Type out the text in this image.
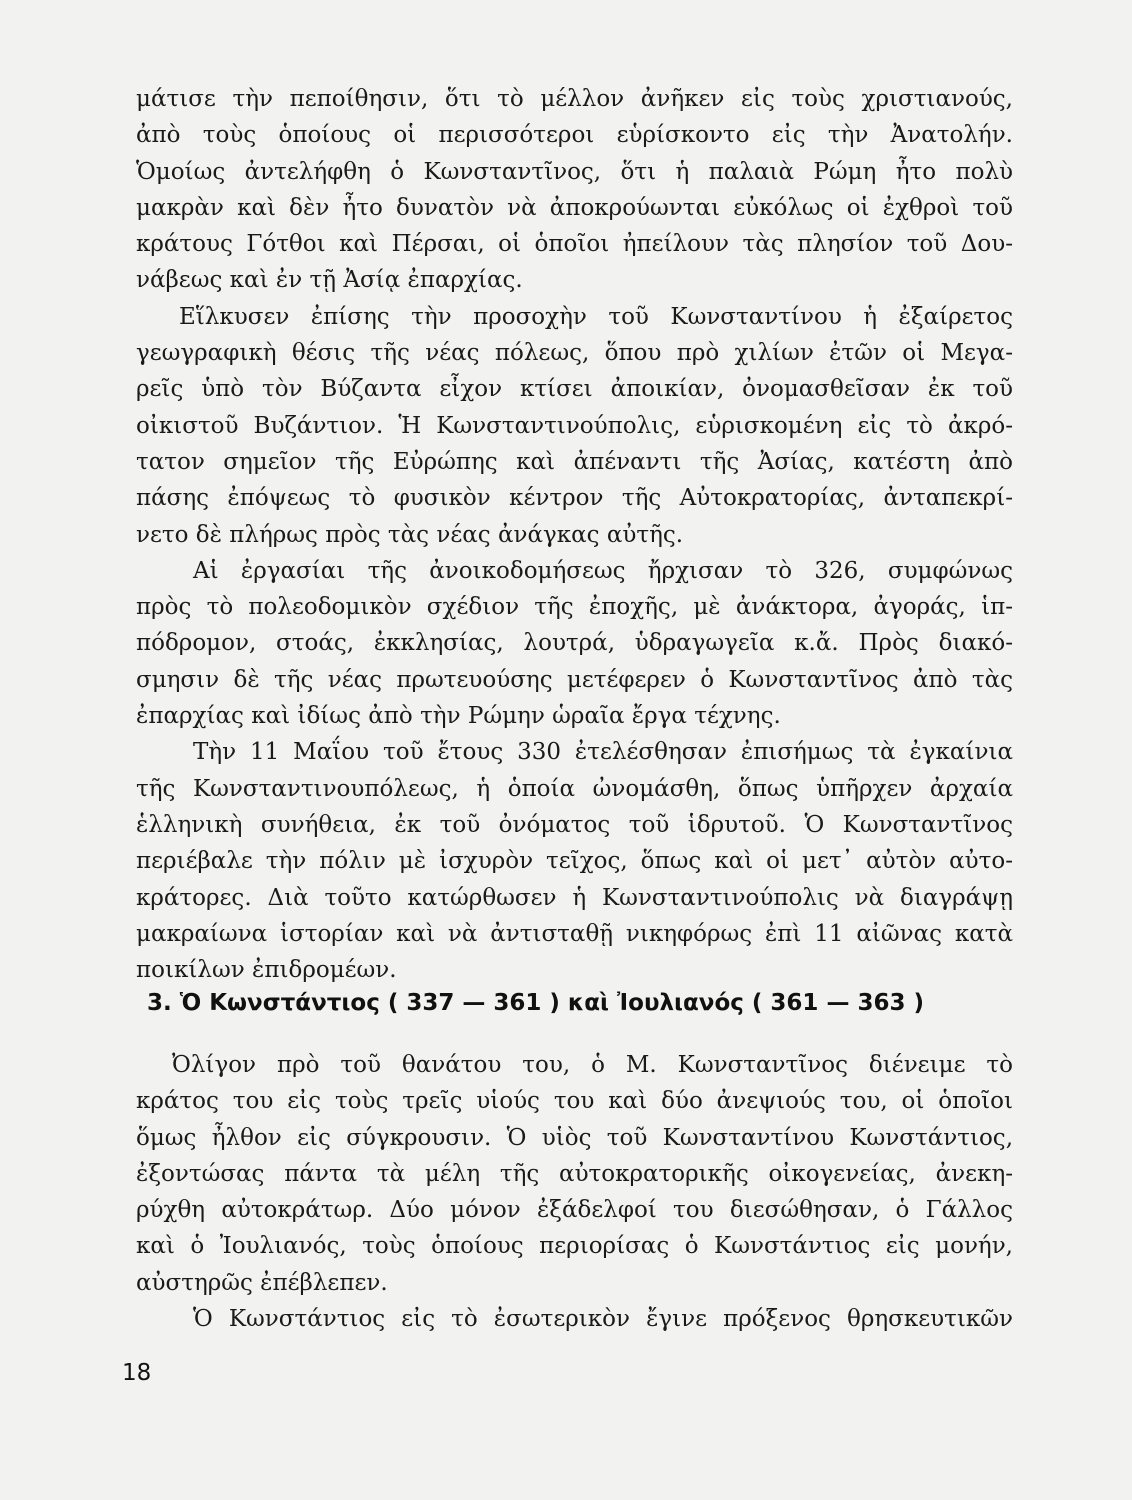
μάτισε τὴν πεποίθησιν, ὅτι τὸ μέλλον ἀνῆκεν εἰς τοὺς χριστιανούς,
ἀπὸ τοὺς ὁποίους οἱ περισσότεροι εὑρίσκοντο εἰς τὴν Ἀνατολήν.
Ὁμοίως ἀντελήφθη ὁ Κωνσταντῖνος, ὅτι ἡ παλαιὰ Ρώμη ἦτο πολὺ
μακρὰν καὶ δὲν ἦτο δυνατὸν νὰ ἀποκρούωνται εὐκόλως οἱ ἐχθροὶ τοῦ
κράτους Γότθοι καὶ Πέρσαι, οἱ ὁποῖοι ἠπείλουν τὰς πλησίον τοῦ Δου-
νάβεως καὶ ἐν τῇ Ἀσίᾳ ἐπαρχίας.
Εἵλκυσεν ἐπίσης τὴν προσοχὴν τοῦ Κωνσταντίνου ἡ ἐξαίρετος
γεωγραφικὴ θέσις τῆς νέας πόλεως, ὅπου πρὸ χιλίων ἐτῶν οἱ Μεγα-
ρεῖς ὑπὸ τὸν Βύζαντα εἶχον κτίσει ἀποικίαν, ὀνομασθεῖσαν ἐκ τοῦ
οἰκιστοῦ Βυζάντιον. Ἡ Κωνσταντινούπολις, εὑρισκομένη εἰς τὸ ἀκρό-
τατον σημεῖον τῆς Εὐρώπης καὶ ἀπέναντι τῆς Ἀσίας, κατέστη ἀπὸ
πάσης ἐπόψεως τὸ φυσικὸν κέντρον τῆς Αὐτοκρατορίας, ἀνταπεκρί-
νετο δὲ πλήρως πρὸς τὰς νέας ἀνάγκας αὐτῆς.
Αἱ ἐργασίαι τῆς ἀνοικοδομήσεως ἤρχισαν τὸ 326, συμφώνως
πρὸς τὸ πολεοδομικὸν σχέδιον τῆς ἐποχῆς, μὲ ἀνάκτορα, ἀγοράς, ἱπ-
πόδρομον, στοάς, ἐκκλησίας, λουτρά, ὑδραγωγεῖα κ.ἄ. Πρὸς διακό-
σμησιν δὲ τῆς νέας πρωτευούσης μετέφερεν ὁ Κωνσταντῖνος ἀπὸ τὰς
ἐπαρχίας καὶ ἰδίως ἀπὸ τὴν Ρώμην ὡραῖα ἔργα τέχνης.
Τὴν 11 Μαΐου τοῦ ἔτους 330 ἐτελέσθησαν ἐπισήμως τὰ ἐγκαίνια
τῆς Κωνσταντινουπόλεως, ἡ ὁποία ὠνομάσθη, ὅπως ὑπῆρχεν ἀρχαία
ἑλληνικὴ συνήθεια, ἐκ τοῦ ὀνόματος τοῦ ἱδρυτοῦ. Ὁ Κωνσταντῖνος
περιέβαλε τὴν πόλιν μὲ ἰσχυρὸν τεῖχος, ὅπως καὶ οἱ μετ᾿ αὐτὸν αὐτο-
κράτορες. Διὰ τοῦτο κατώρθωσεν ἡ Κωνσταντινούπολις νὰ διαγράψῃ
μακραίωνα ἱστορίαν καὶ νὰ ἀντισταθῇ νικηφόρως ἐπὶ 11 αἰῶνας κατὰ
ποικίλων ἐπιδρομέων.
3. Ὁ Κωνστάντιος ( 337 — 361 ) καὶ Ἰουλιανός ( 361 — 363 )
Ὀλίγον πρὸ τοῦ θανάτου του, ὁ Μ. Κωνσταντῖνος διένειμε τὸ
κράτος του εἰς τοὺς τρεῖς υἱούς του καὶ δύο ἀνεψιούς του, οἱ ὁποῖοι
ὅμως ἦλθον εἰς σύγκρουσιν. Ὁ υἱὸς τοῦ Κωνσταντίνου Κωνστάντιος,
ἐξοντώσας πάντα τὰ μέλη τῆς αὐτοκρατορικῆς οἰκογενείας, ἀνεκη-
ρύχθη αὐτοκράτωρ. Δύο μόνον ἐξάδελφοί του διεσώθησαν, ὁ Γάλλος
καὶ ὁ Ἰουλιανός, τοὺς ὁποίους περιορίσας ὁ Κωνστάντιος εἰς μονήν,
αὐστηρῶς ἐπέβλεπεν.
Ὁ Κωνστάντιος εἰς τὸ ἐσωτερικὸν ἔγινε πρόξενος θρησκευτικῶν
18
